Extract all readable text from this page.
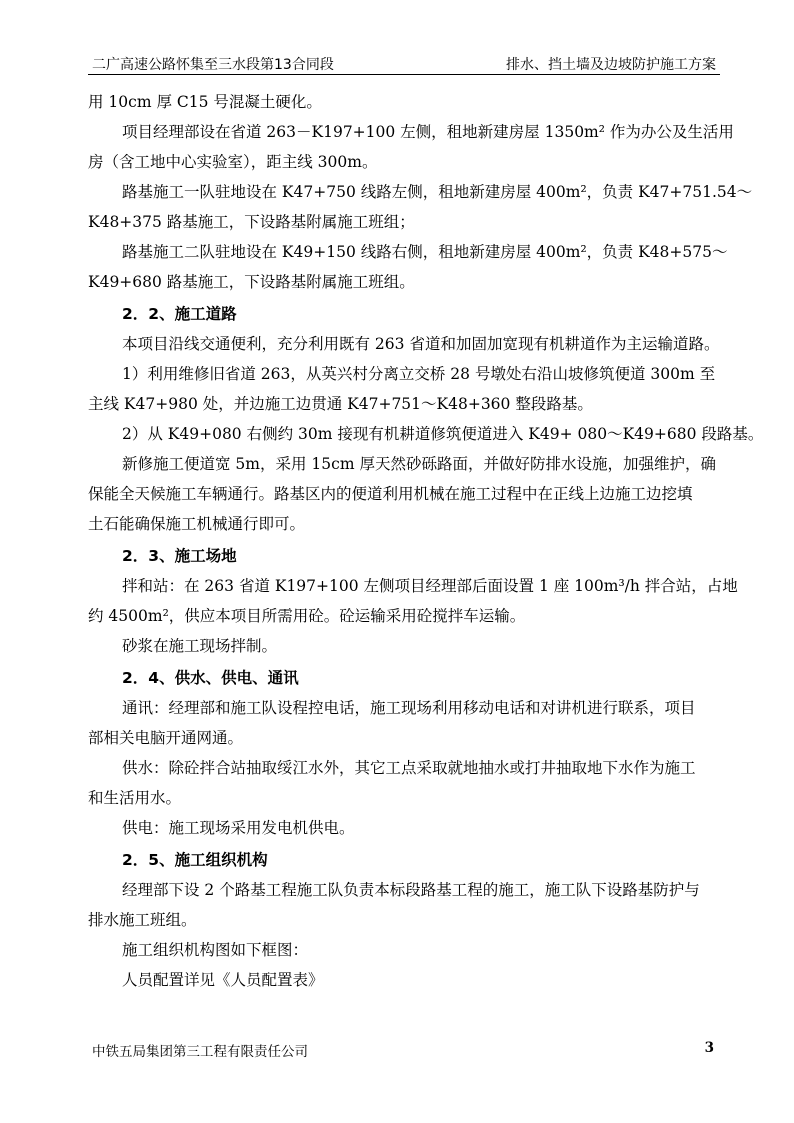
二广高速公路怀集至三水段第13合同段	排水、挡土墙及边坡防护施工方案
用 10cm 厚 C15 号混凝土硬化。
项目经理部设在省道 263－K197+100 左侧，租地新建房屋 1350m² 作为办公及生活用
房（含工地中心实验室），距主线 300m。
路基施工一队驻地设在 K47+750 线路左侧，租地新建房屋 400m²，负责 K47+751.54～
K48+375 路基施工，下设路基附属施工班组；
路基施工二队驻地设在 K49+150 线路右侧，租地新建房屋 400m²，负责 K48+575～
K49+680 路基施工，下设路基附属施工班组。
2．2、施工道路
本项目沿线交通便利，充分利用既有 263 省道和加固加宽现有机耕道作为主运输道路。
1）利用维修旧省道 263，从英兴村分离立交桥 28 号墩处右沿山坡修筑便道 300m 至
主线 K47+980 处，并边施工边贯通 K47+751～K48+360 整段路基。
2）从 K49+080 右侧约 30m 接现有机耕道修筑便道进入 K49+ 080～K49+680 段路基。
新修施工便道宽 5m，采用 15cm 厚天然砂砾路面，并做好防排水设施，加强维护，确
保能全天候施工车辆通行。路基区内的便道利用机械在施工过程中在正线上边施工边挖填
土石能确保施工机械通行即可。
2．3、施工场地
拌和站：在 263 省道 K197+100 左侧项目经理部后面设置 1 座 100m³/h 拌合站，占地
约 4500m²，供应本项目所需用砼。砼运输采用砼搅拌车运输。
砂浆在施工现场拌制。
2．4、供水、供电、通讯
通讯：经理部和施工队设程控电话，施工现场利用移动电话和对讲机进行联系，项目
部相关电脑开通网通。
供水：除砼拌合站抽取绥江水外，其它工点采取就地抽水或打井抽取地下水作为施工
和生活用水。
供电：施工现场采用发电机供电。
2．5、施工组织机构
经理部下设 2 个路基工程施工队负责本标段路基工程的施工，施工队下设路基防护与
排水施工班组。
施工组织机构图如下框图：
人员配置详见《人员配置表》
中铁五局集团第三工程有限责任公司	3
